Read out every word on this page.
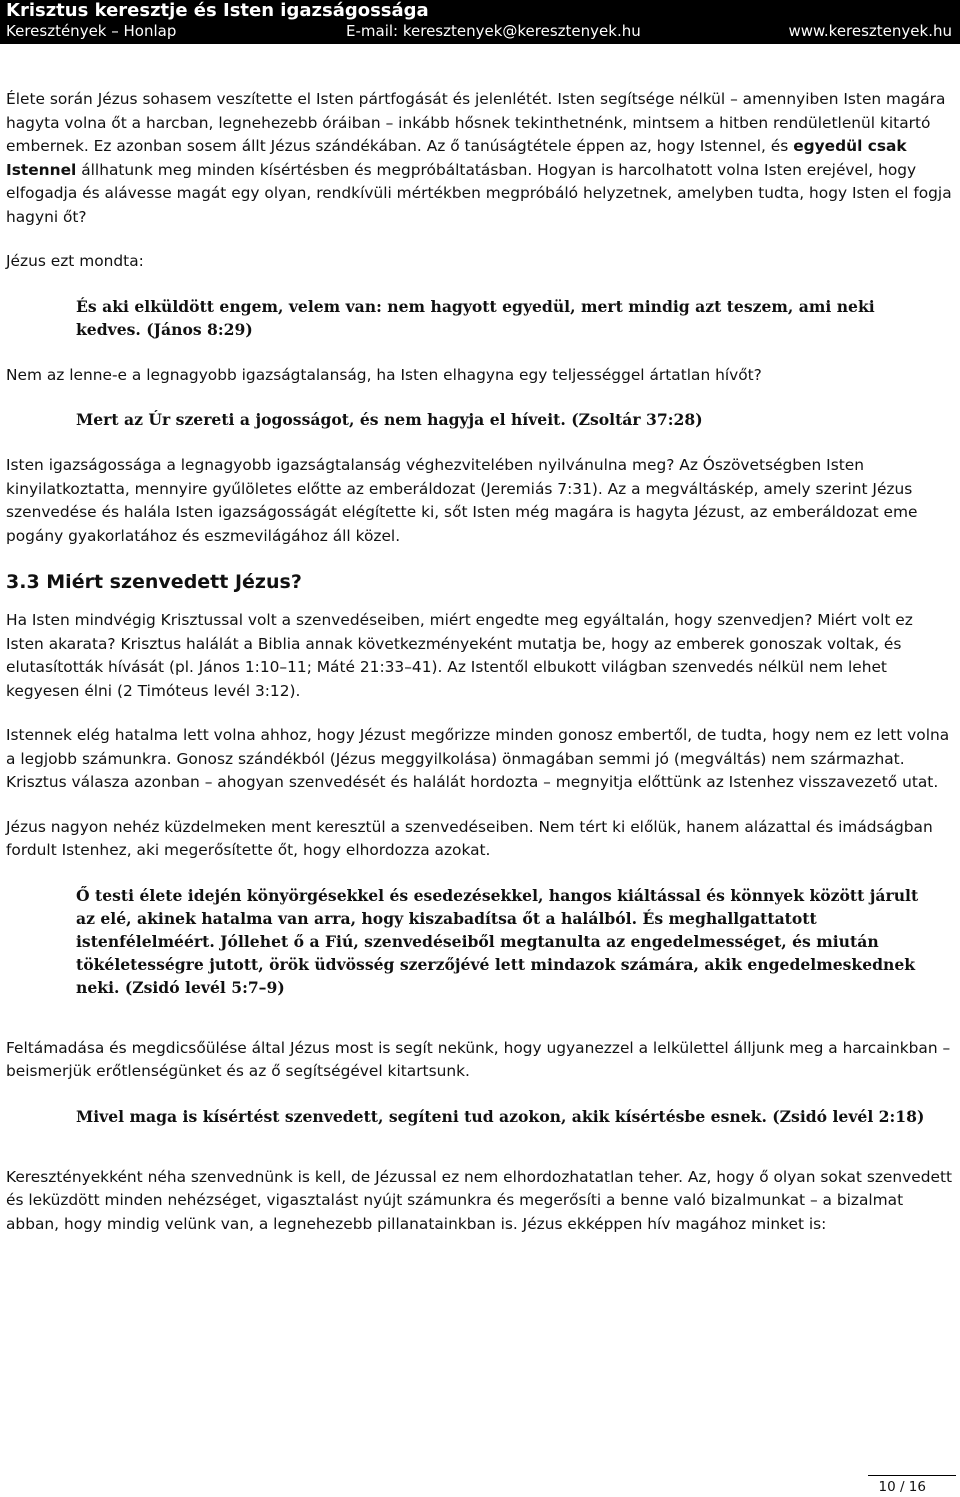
Krisztus keresztje és Isten igazságossága
Keresztények – Honlap	E-mail: keresztenyek@keresztenyek.hu	www.keresztenyek.hu

Élete során Jézus sohasem veszítette el Isten pártfogását és jelenlétét. Isten segítsége nélkül – amennyiben Isten magára hagyta volna őt a harcban, legnehezebb óráiban – inkább hősnek tekinthetnénk, mintsem a hitben rendületlenül kitartó embernek. Ez azonban sosem állt Jézus szándékában. Az ő tanúságtétele éppen az, hogy Istennel, és egyedül csak Istennel állhatunk meg minden kísértésben és megpróbáltatásban. Hogyan is harcolhatott volna Isten erejével, hogy elfogadja és alávesse magát egy olyan, rendkívüli mértékben megpróbáló helyzetnek, amelyben tudta, hogy Isten el fogja hagyni őt?

Jézus ezt mondta:

És aki elküldött engem, velem van: nem hagyott egyedül, mert mindig azt teszem, ami neki kedves. (János 8:29)

Nem az lenne-e a legnagyobb igazságtalanság, ha Isten elhagyna egy teljességgel ártatlan hívőt?

Mert az Úr szereti a jogosságot, és nem hagyja el híveit. (Zsoltár 37:28)

Isten igazságossága a legnagyobb igazságtalanság véghezvitelében nyilvánulna meg? Az Ószövetségben Isten kinyilatkoztatta, mennyire gyűlöletes előtte az emberáldozat (Jeremiás 7:31). Az a megváltáskép, amely szerint Jézus szenvedése és halála Isten igazságosságát elégítette ki, sőt Isten még magára is hagyta Jézust, az emberáldozat eme pogány gyakorlatához és eszmevilágához áll közel.

3.3 Miért szenvedett Jézus?

Ha Isten mindvégig Krisztussal volt a szenvedéseiben, miért engedte meg egyáltalán, hogy szenvedjen? Miért volt ez Isten akarata? Krisztus halálát a Biblia annak következményeként mutatja be, hogy az emberek gonoszak voltak, és elutasították hívását (pl. János 1:10–11; Máté 21:33–41). Az Istentől elbukott világban szenvedés nélkül nem lehet kegyesen élni (2 Timóteus levél 3:12).

Istennek elég hatalma lett volna ahhoz, hogy Jézust megőrizze minden gonosz embertől, de tudta, hogy nem ez lett volna a legjobb számunkra. Gonosz szándékból (Jézus meggyilkolása) önmagában semmi jó (megváltás) nem származhat. Krisztus válasza azonban – ahogyan szenvedését és halálát hordozta – megnyitja előttünk az Istenhez visszavezető utat.

Jézus nagyon nehéz küzdelmeken ment keresztül a szenvedéseiben. Nem tért ki előlük, hanem alázattal és imádságban fordult Istenhez, aki megerősítette őt, hogy elhordozza azokat.

Ő testi élete idején könyörgésekkel és esedezésekkel, hangos kiáltással és könnyek között járult az elé, akinek hatalma van arra, hogy kiszabadítsa őt a halálból. És meghallgattatott istenfélelméért. Jóllehet ő a Fiú, szenvedéseiből megtanulta az engedelmességet, és miután tökéletességre jutott, örök üdvösség szerzőjévé lett mindazok számára, akik engedelmeskednek neki. (Zsidó levél 5:7–9)

Feltámadása és megdicsőülése által Jézus most is segít nekünk, hogy ugyanezzel a lelkülettel álljunk meg a harcainkban – beismerjük erőtlenségünket és az ő segítségével kitartsunk.

Mivel maga is kísértést szenvedett, segíteni tud azokon, akik kísértésbe esnek. (Zsidó levél 2:18)

Keresztényekként néha szenvednünk is kell, de Jézussal ez nem elhordozhatatlan teher. Az, hogy ő olyan sokat szenvedett és leküzdött minden nehézséget, vigasztalást nyújt számunkra és megerősíti a benne való bizalmunkat – a bizalmat abban, hogy mindig velünk van, a legnehezebb pillanatainkban is. Jézus ekképpen hív magához minket is:

10 / 16
